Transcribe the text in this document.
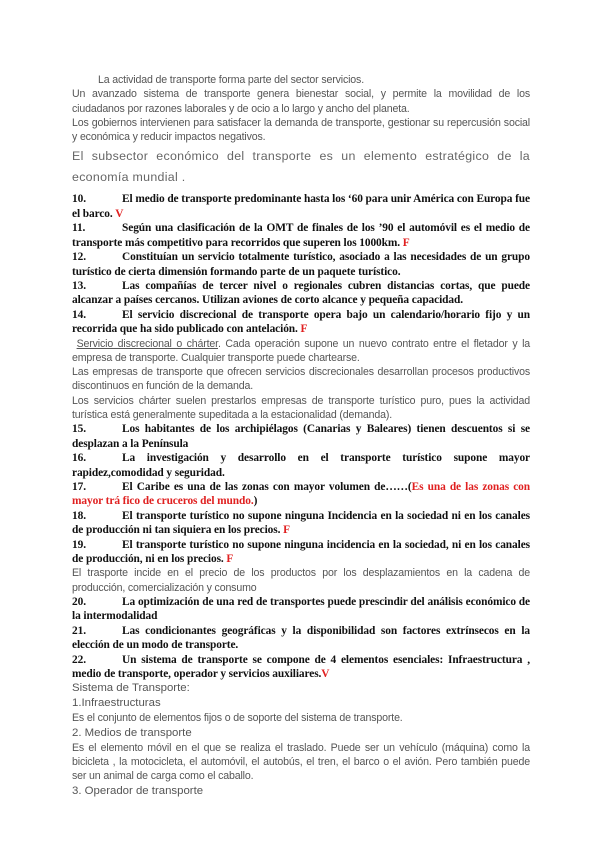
La actividad de transporte forma parte del sector servicios.

Un avanzado sistema de transporte genera bienestar social, y permite la movilidad de los ciudadanos por razones laborales y de ocio a lo largo y ancho del planeta.

Los gobiernos intervienen para satisfacer la demanda de transporte, gestionar su repercusión social y económica y reducir impactos negativos.

El subsector económico del transporte es un elemento estratégico de la

economía mundial .

10.	El medio de transporte predominante hasta los ‘60 para unir América con Europa fue el barco. V

11.	Según una clasificación de la OMT de finales de los ’90 el automóvil es el medio de transporte más competitivo para recorridos que superen los 1000km. F

12.	Constituían un servicio totalmente turístico, asociado a las necesidades de un grupo turístico de cierta dimensión formando parte de un paquete turístico.

13.	Las compañías de tercer nivel o regionales cubren distancias cortas, que puede alcanzar a países cercanos. Utilizan aviones de corto alcance y pequeña capacidad.

14.	El servicio discrecional de transporte opera bajo un calendario/horario fijo y un recorrida que ha sido publicado con antelación. F

Servicio discrecional o chárter. Cada operación supone un nuevo contrato entre el fletador y la empresa de transporte. Cualquier transporte puede chartearse.

Las empresas de transporte que ofrecen servicios discrecionales desarrollan procesos productivos discontinuos en función de la demanda.

Los servicios chárter suelen prestarlos empresas de transporte turístico puro, pues la actividad turística está generalmente supeditada a la estacionalidad (demanda).

15.	Los habitantes de los archipiélagos (Canarias y Baleares) tienen descuentos si se desplazan a la Península

16.	La investigación y desarrollo en el transporte turístico supone mayor rapidez,comodidad y seguridad.

17.	El Caribe es una de las zonas con mayor volumen de……(Es una de las zonas con mayor trá fico de cruceros del mundo.)

18.	El transporte turístico no supone ninguna Incidencia en la sociedad ni en los canales de producción ni tan siquiera en los precios. F

19.	El transporte turístico no supone ninguna incidencia en la sociedad, ni en los canales de producción, ni en los precios. F

El trasporte incide en el precio de los productos por los desplazamientos en la cadena de producción, comercialización y consumo

20.	La optimización de una red de transportes puede prescindir del análisis económico de la intermodalidad

21.	Las condicionantes geográficas y la disponibilidad son factores extrínsecos en la elección de un modo de transporte.

22.	Un sistema de transporte se compone de 4 elementos esenciales: Infraestructura , medio de transporte, operador y servicios auxiliares.V

Sistema de Transporte:

1.Infraestructuras

Es el conjunto de elementos fijos o de soporte del sistema de transporte.

2. Medios de transporte

Es el elemento móvil en el que se realiza el traslado. Puede ser un vehículo (máquina) como la bicicleta , la motocicleta, el automóvil, el autobús, el tren, el barco o el avión. Pero también puede ser un animal de carga como el caballo.

3. Operador de transporte
